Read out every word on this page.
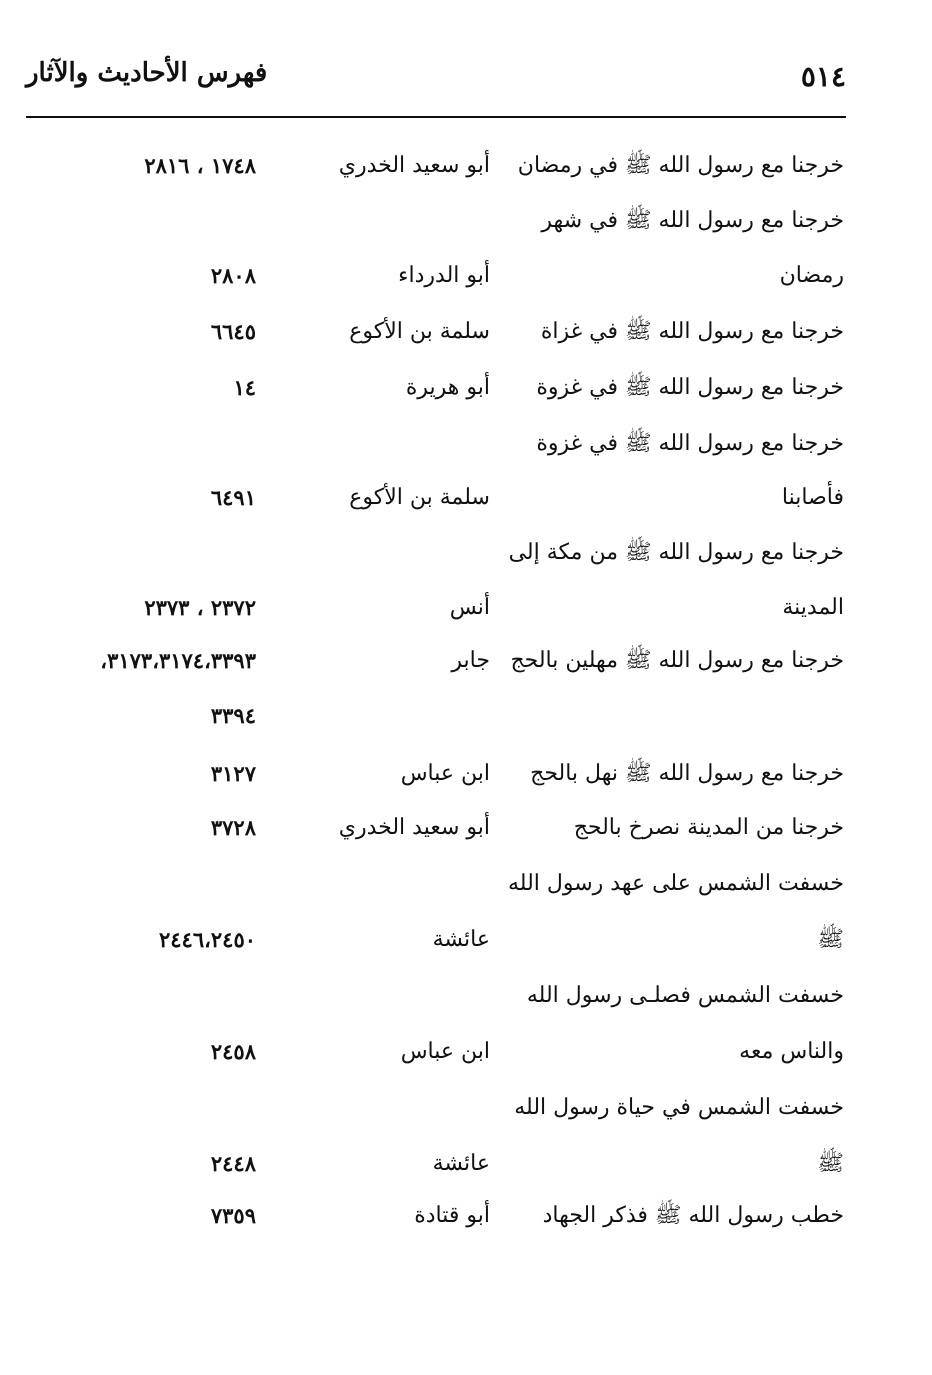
فهرس الأحاديث والآثار	٥١٤
خرجنا مع رسول الله ﷺ في رمضان
أبو سعيد الخدري
١٧٤٨ ، ٢٨١٦
خرجنا مع رسول الله ﷺ في شهر
رمضان
أبو الدرداء
٢٨٠٨
خرجنا مع رسول الله ﷺ في غزاة
سلمة بن الأكوع
٦٦٤٥
خرجنا مع رسول الله ﷺ في غزوة
أبو هريرة
١٤
خرجنا مع رسول الله ﷺ في غزوة
فأصابنا
سلمة بن الأكوع
٦٤٩١
خرجنا مع رسول الله ﷺ من مكة إلى
المدينة
أنس
٢٣٧٢ ، ٢٣٧٣
خرجنا مع رسول الله ﷺ مهلين بالحج
جابر
٣١٧٣،٣١٧٤،٣٣٩٣،
٣٣٩٤
خرجنا مع رسول الله ﷺ نهل بالحج
ابن عباس
٣١٢٧
خرجنا من المدينة نصرخ بالحج
أبو سعيد الخدري
٣٧٢٨
خسفت الشمس على عهد رسول الله
ﷺ
عائشة
٢٤٤٦،٢٤٥٠
خسفت الشمس فصلـى رسول الله
والناس معه
ابن عباس
٢٤٥٨
خسفت الشمس في حياة رسول الله
ﷺ
عائشة
٢٤٤٨
خطب رسول الله ﷺ فذكر الجهاد
أبو قتادة
٧٣٥٩
